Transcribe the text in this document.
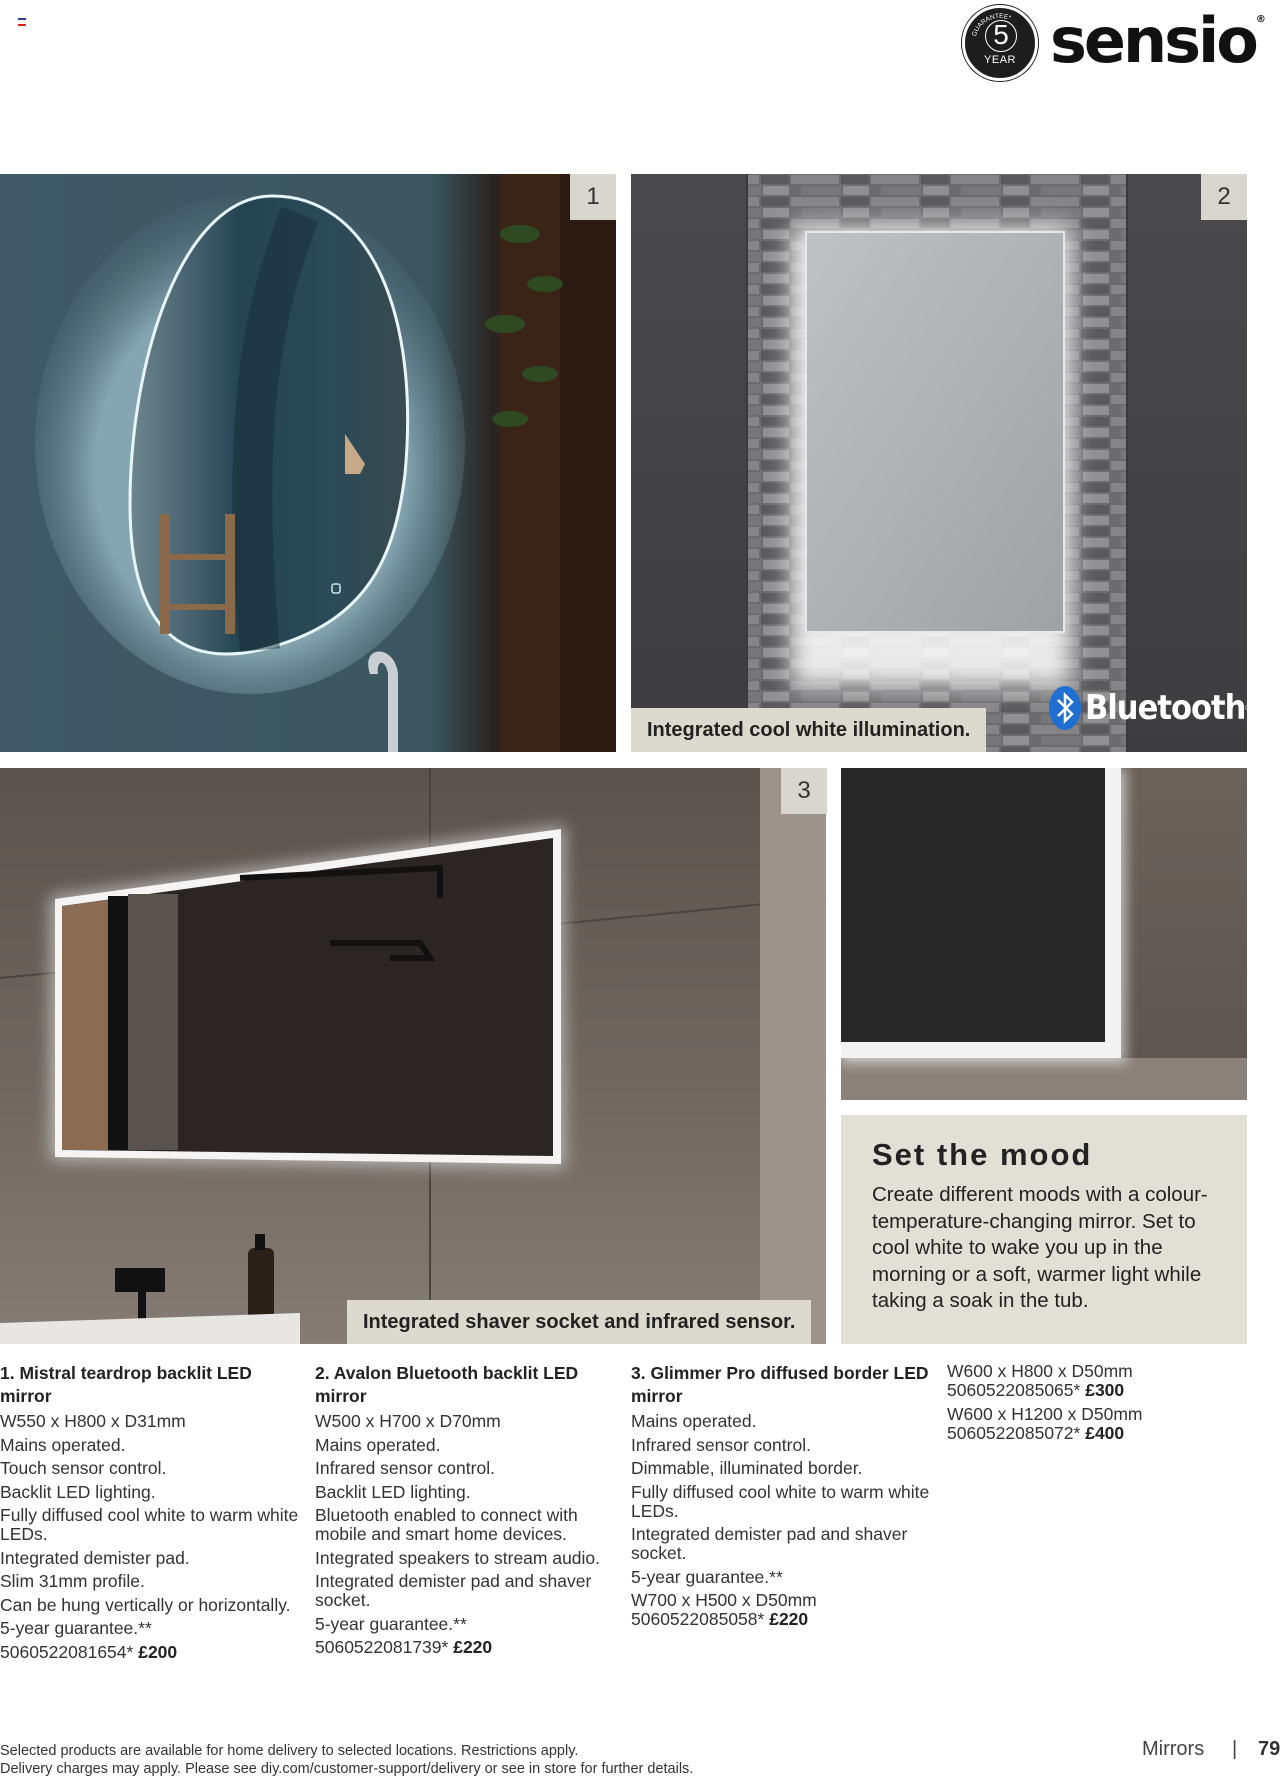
GUARANTEE*
5
YEAR sensio®
1	2
Integrated cool white illumination.
Bluetooth ®
3
Integrated shaver socket and infrared sensor.
Set the mood

Create different moods with a colour-temperature-changing mirror. Set to cool white to wake you up in the morning or a soft, warmer light while taking a soak in the tub.

1. Mistral teardrop backlit LED mirror
W550 x H800 x D31mm
Mains operated.
Touch sensor control.
Backlit LED lighting.
Fully diffused cool white to warm white LEDs.
Integrated demister pad.
Slim 31mm profile.
Can be hung vertically or horizontally.
5-year guarantee.**
5060522081654* £200
2. Avalon Bluetooth backlit LED mirror
W500 x H700 x D70mm
Mains operated.
Infrared sensor control.
Backlit LED lighting.
Bluetooth enabled to connect with mobile and smart home devices.
Integrated speakers to stream audio.
Integrated demister pad and shaver socket.
5-year guarantee.**
5060522081739* £220
3. Glimmer Pro diffused border LED mirror
Mains operated.
Infrared sensor control.
Dimmable, illuminated border.
Fully diffused cool white to warm white LEDs.
Integrated demister pad and shaver socket.
5-year guarantee.**
W700 x H500 x D50mm
5060522085058* £220
W600 x H800 x D50mm
5060522085065* £300
W600 x H1200 x D50mm
5060522085072* £400
Selected products are available for home delivery to selected locations. Restrictions apply.
Delivery charges may apply. Please see diy.com/customer-support/delivery or see in store for further details.
Mirrors | 79
